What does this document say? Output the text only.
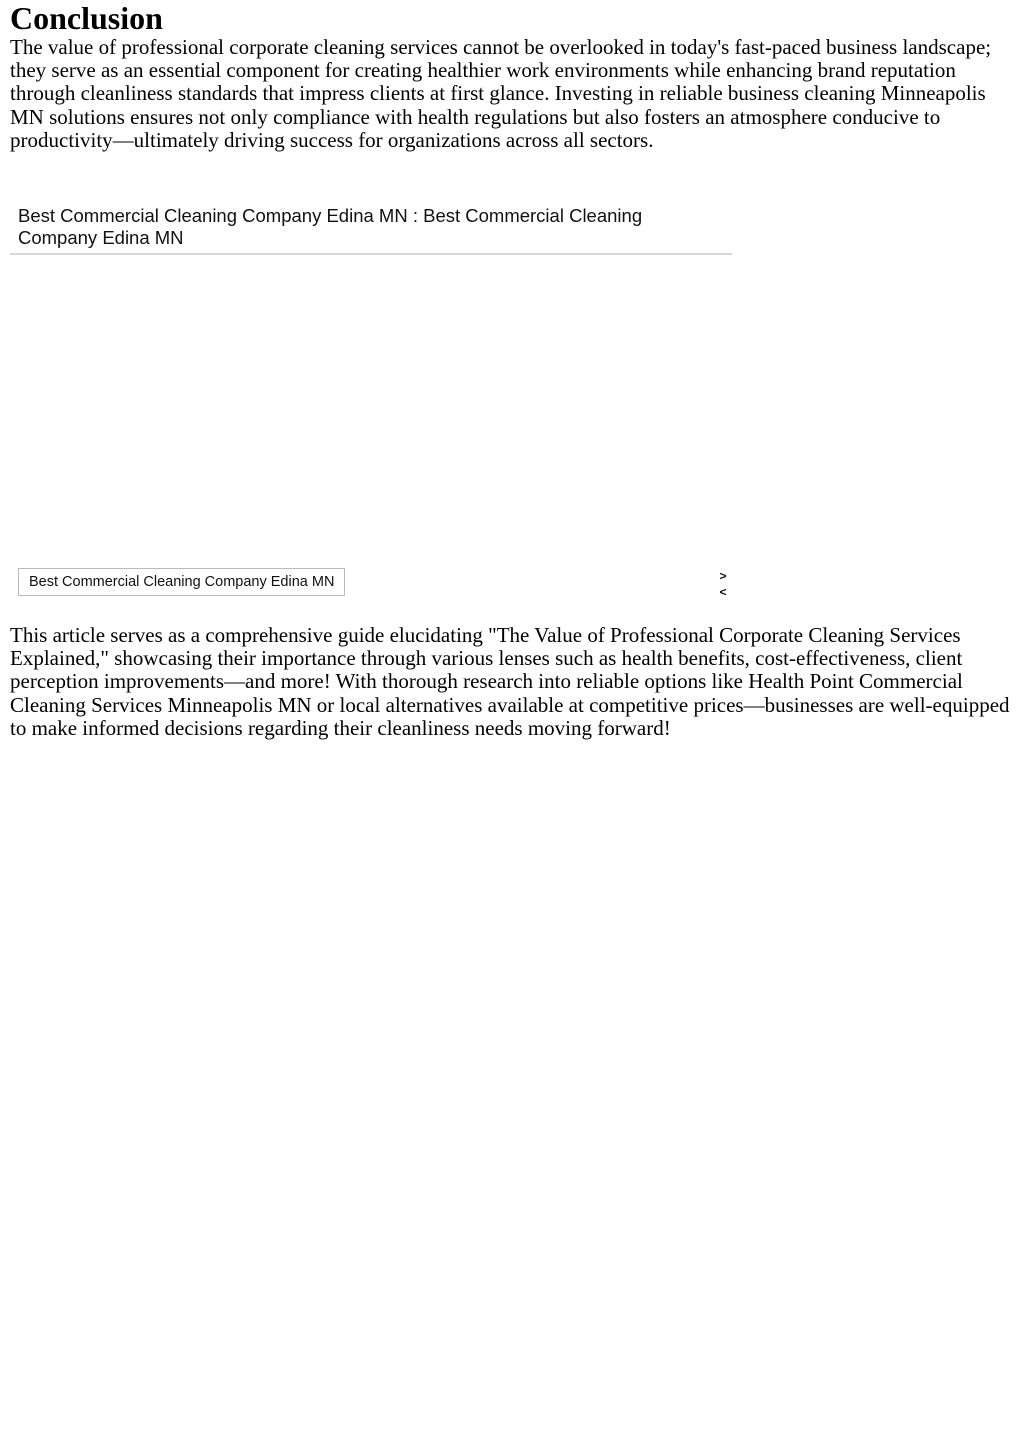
Conclusion

The value of professional corporate cleaning services cannot be overlooked in today's fast-paced business landscape; they serve as an essential component for creating healthier work environments while enhancing brand reputation through cleanliness standards that impress clients at first glance. Investing in reliable business cleaning Minneapolis MN solutions ensures not only compliance with health regulations but also fosters an atmosphere conducive to productivity—ultimately driving success for organizations across all sectors.

Best Commercial Cleaning Company Edina MN : Best Commercial Cleaning Company Edina MN
Best Commercial Cleaning Company Edina MN	>
<

This article serves as a comprehensive guide elucidating "The Value of Professional Corporate Cleaning Services Explained," showcasing their importance through various lenses such as health benefits, cost-effectiveness, client perception improvements—and more! With thorough research into reliable options like Health Point Commercial Cleaning Services Minneapolis MN or local alternatives available at competitive prices—businesses are well-equipped to make informed decisions regarding their cleanliness needs moving forward!
